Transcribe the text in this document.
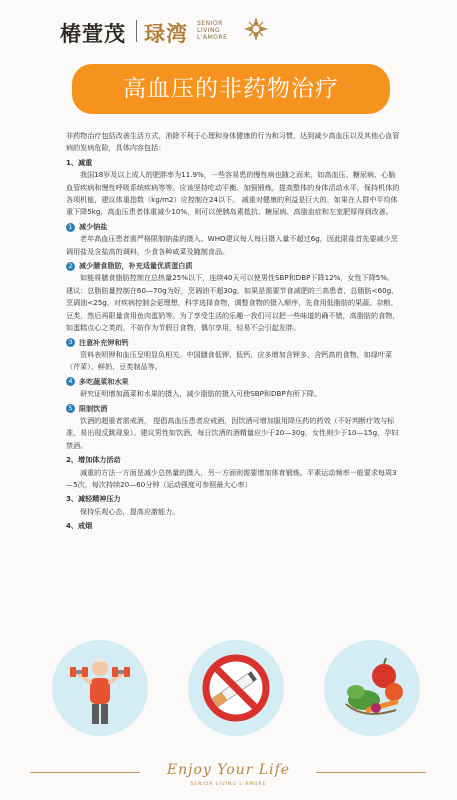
椿萱茂 琭湾 SENIOR
LIVING
L'AMORE
高血压的非药物治疗

非药物治疗包括改善生活方式，消除不利于心理和身体健康的行为和习惯，达到减少高血压以及其他心血管病的发病危险，具体内容包括：

1、减重

我国18岁及以上成人的肥胖率为11.9%，一些容易患的慢性病也随之而来，如高血压、糖尿病、心脑血管疾病和慢性呼吸系统疾病等等。应该坚持吃动平衡、加强锻炼，提高整体的身体活动水平，保持机体的各项机能，建议体重指数（kg/m2）应控制在24以下。 减重对健康的利益是巨大的，如果在人群中平均体重下降5kg，高血压患者体重减少10%，则可以使胰岛素抵抗、糖尿病、高脂血症和左室肥厚得到改善。

1 减少钠盐

老年高血压患者需严格限制钠盐的摄入。WHO建议每人每日摄入量不超过6g，因此限盐首先要减少烹调用盐及含盐高的调料，少食各种咸菜及腌制食品。

2 减少膳食脂肪，补充适量优质蛋白质

如能将膳食脂肪控制在总热量25%以下，连续40天可以使男性SBP和DBP下降12%，女性下降5%。建议：总脂肪量控制在60—70g为好，烹调油不超30g，如果是需要节食减肥的三高患者，总脂肪<60g，烹调油<25g，对疾病控制会更理想，科学选择食物，调整食物的摄入顺序，先食用低脂肪的果蔬、杂粮、豆类，然后再限量食用鱼肉蛋奶等。为了享受生活的乐趣一我们可以把一些味道的确不错，高脂肪的食物，如蛋糕点心之类的，不妨作为节假日食物，偶尔享用，轻易不会引起发胖。

3 注意补充钾和钙

资料表明钾和血压呈明显负相关。中国膳食低钾、低钙，应多增加含钾多、含钙高的食物，如绿叶菜（芹菜）、鲜奶、豆类制品等。

4 多吃蔬菜和水果

研究证明增加蔬菜和水果的摄入，减少脂肪的摄入可使SBP和DBP有所下降。

5 限制饮酒

饮酒的超重者需戒酒， 提倡高血压患者应戒酒，因饮酒可增加服用降压药的药效（不好判断疗效与标准，易出现反跳现象）。建议男性如饮酒，每日饮酒的酒精量应少于20—30g，女性则少于10—15g，孕妇禁酒。

2、增加体力活动

减重的方法一方面是减少总热量的摄入，另一方面则需要增加体育锻炼。平素运动频率一般要求每周3—5次，每次持续20—60分钟（运动强度可参照最大心率）

3、减轻精神压力

保持乐观心态，提高应激能力。

4、戒烟

Enjoy Your Life
SENIOR LIVING L'AMORE
